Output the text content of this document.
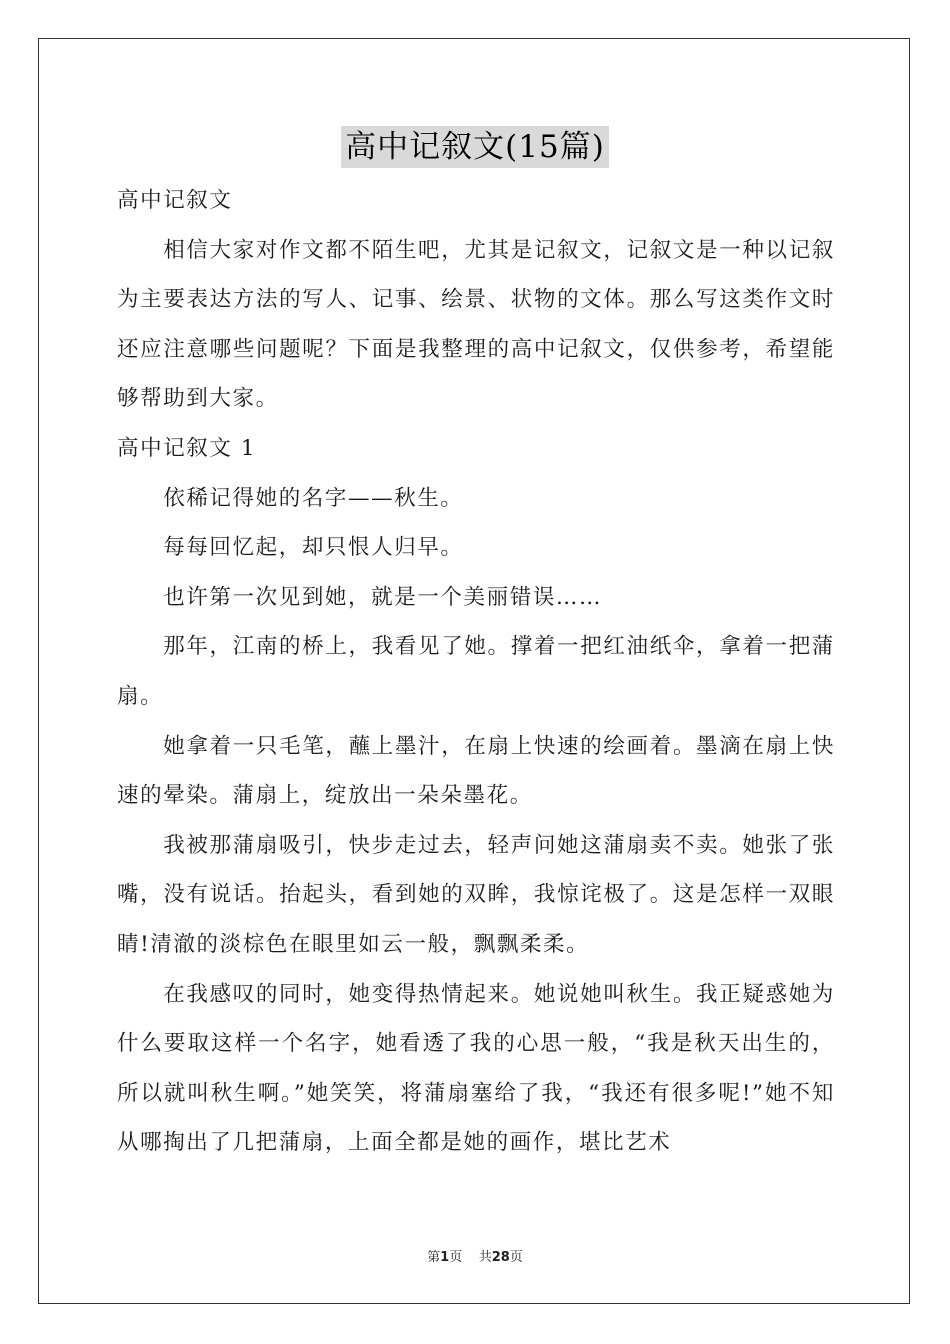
高中记叙文(15篇)

高中记叙文

相信大家对作文都不陌生吧，尤其是记叙文，记叙文是一种以记叙为主要表达方法的写人、记事、绘景、状物的文体。那么写这类作文时还应注意哪些问题呢？下面是我整理的高中记叙文，仅供参考，希望能够帮助到大家。

高中记叙文 1

依稀记得她的名字——秋生。

每每回忆起，却只恨人归早。

也许第一次见到她，就是一个美丽错误……

那年，江南的桥上，我看见了她。撑着一把红油纸伞，拿着一把蒲扇。

她拿着一只毛笔，蘸上墨汁，在扇上快速的绘画着。墨滴在扇上快速的晕染。蒲扇上，绽放出一朵朵墨花。

我被那蒲扇吸引，快步走过去，轻声问她这蒲扇卖不卖。她张了张嘴，没有说话。抬起头，看到她的双眸，我惊诧极了。这是怎样一双眼睛!清澈的淡棕色在眼里如云一般，飘飘柔柔。

在我感叹的同时，她变得热情起来。她说她叫秋生。我正疑惑她为什么要取这样一个名字，她看透了我的心思一般，“我是秋天出生的，所以就叫秋生啊。”她笑笑，将蒲扇塞给了我，“我还有很多呢!”她不知从哪掏出了几把蒲扇，上面全都是她的画作，堪比艺术

第1页 共28页
